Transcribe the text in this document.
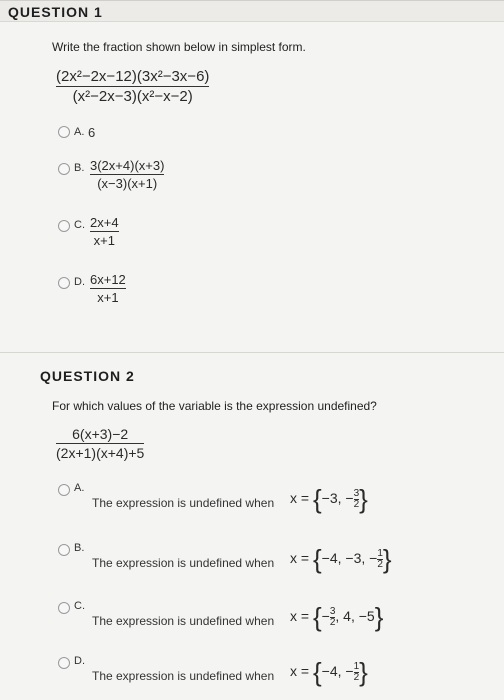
QUESTION 1
Write the fraction shown below in simplest form.
(2x²−2x−12)(3x²−3x−6)
(x²−2x−3)(x²−x−2)
A. 6
B. 3(2x+4)(x+3)
(x−3)(x+1)
C. 2x+4
x+1
D. 6x+12
x+1
QUESTION 2
For which values of the variable is the expression undefined?
6(x+3)−2
(2x+1)(x+4)+5
A.
The expression is undefined when x = {−3, $-\frac{3}{2}$}
B.
The expression is undefined when x = {−4, −3, $-\frac{1}{2}$}
C.
The expression is undefined when $x = \{-\frac{3}{2}$, 4, −5}
D.
The expression is undefined when x = {−4, $-\frac{1}{2}$}
